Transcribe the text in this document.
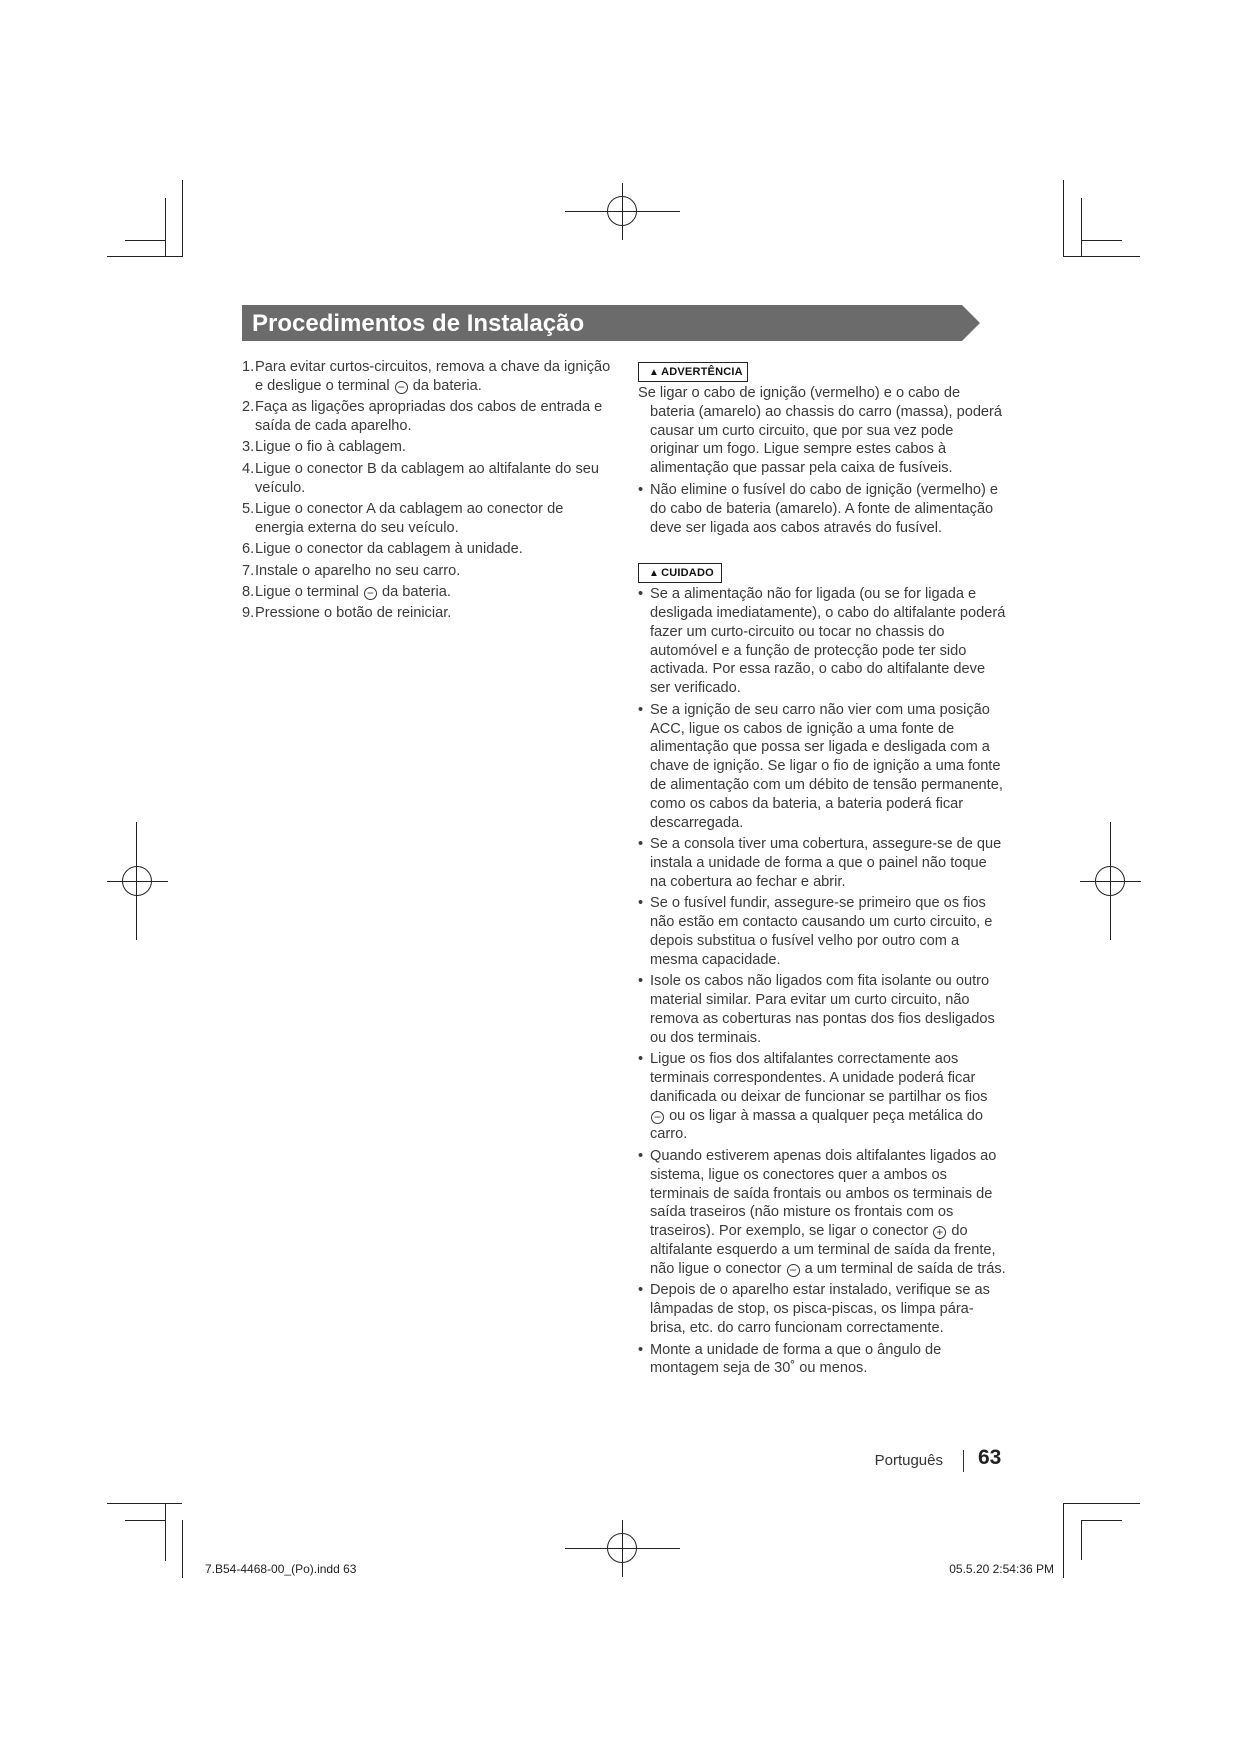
Procedimentos de Instalação
1. Para evitar curtos-circuitos, remova a chave da ignição e desligue o terminal − da bateria.
2. Faça as ligações apropriadas dos cabos de entrada e saída de cada aparelho.
3. Ligue o fio à cablagem.
4. Ligue o conector B da cablagem ao altifalante do seu veículo.
5. Ligue o conector A da cablagem ao conector de energia externa do seu veículo.
6. Ligue o conector da cablagem à unidade.
7. Instale o aparelho no seu carro.
8. Ligue o terminal − da bateria.
9. Pressione o botão de reiniciar.
▲ ADVERTÊNCIA
Se ligar o cabo de ignição (vermelho) e o cabo de bateria (amarelo) ao chassis do carro (massa), poderá causar um curto circuito, que por sua vez pode originar um fogo. Ligue sempre estes cabos à alimentação que passar pela caixa de fusíveis.
• Não elimine o fusível do cabo de ignição (vermelho) e do cabo de bateria (amarelo). A fonte de alimentação deve ser ligada aos cabos através do fusível.
▲ CUIDADO
• Se a alimentação não for ligada (ou se for ligada e desligada imediatamente), o cabo do altifalante poderá fazer um curto-circuito ou tocar no chassis do automóvel e a função de protecção pode ter sido activada. Por essa razão, o cabo do altifalante deve ser verificado.
• Se a ignição de seu carro não vier com uma posição ACC, ligue os cabos de ignição a uma fonte de alimentação que possa ser ligada e desligada com a chave de ignição. Se ligar o fio de ignição a uma fonte de alimentação com um débito de tensão permanente, como os cabos da bateria, a bateria poderá ficar descarregada.
• Se a consola tiver uma cobertura, assegure-se de que instala a unidade de forma a que o painel não toque na cobertura ao fechar e abrir.
• Se o fusível fundir, assegure-se primeiro que os fios não estão em contacto causando um curto circuito, e depois substitua o fusível velho por outro com a mesma capacidade.
• Isole os cabos não ligados com fita isolante ou outro material similar. Para evitar um curto circuito, não remova as coberturas nas pontas dos fios desligados ou dos terminais.
• Ligue os fios dos altifalantes correctamente aos terminais correspondentes. A unidade poderá ficar danificada ou deixar de funcionar se partilhar os fios − ou os ligar à massa a qualquer peça metálica do carro.
• Quando estiverem apenas dois altifalantes ligados ao sistema, ligue os conectores quer a ambos os terminais de saída frontais ou ambos os terminais de saída traseiros (não misture os frontais com os traseiros). Por exemplo, se ligar o conector + do altifalante esquerdo a um terminal de saída da frente, não ligue o conector − a um terminal de saída de trás.
• Depois de o aparelho estar instalado, verifique se as lâmpadas de stop, os pisca-piscas, os limpa pára-brisa, etc. do carro funcionam correctamente.
• Monte a unidade de forma a que o ângulo de montagem seja de 30˚ ou menos.
Português 63
7.B54-4468-00_(Po).indd 63	05.5.20 2:54:36 PM
